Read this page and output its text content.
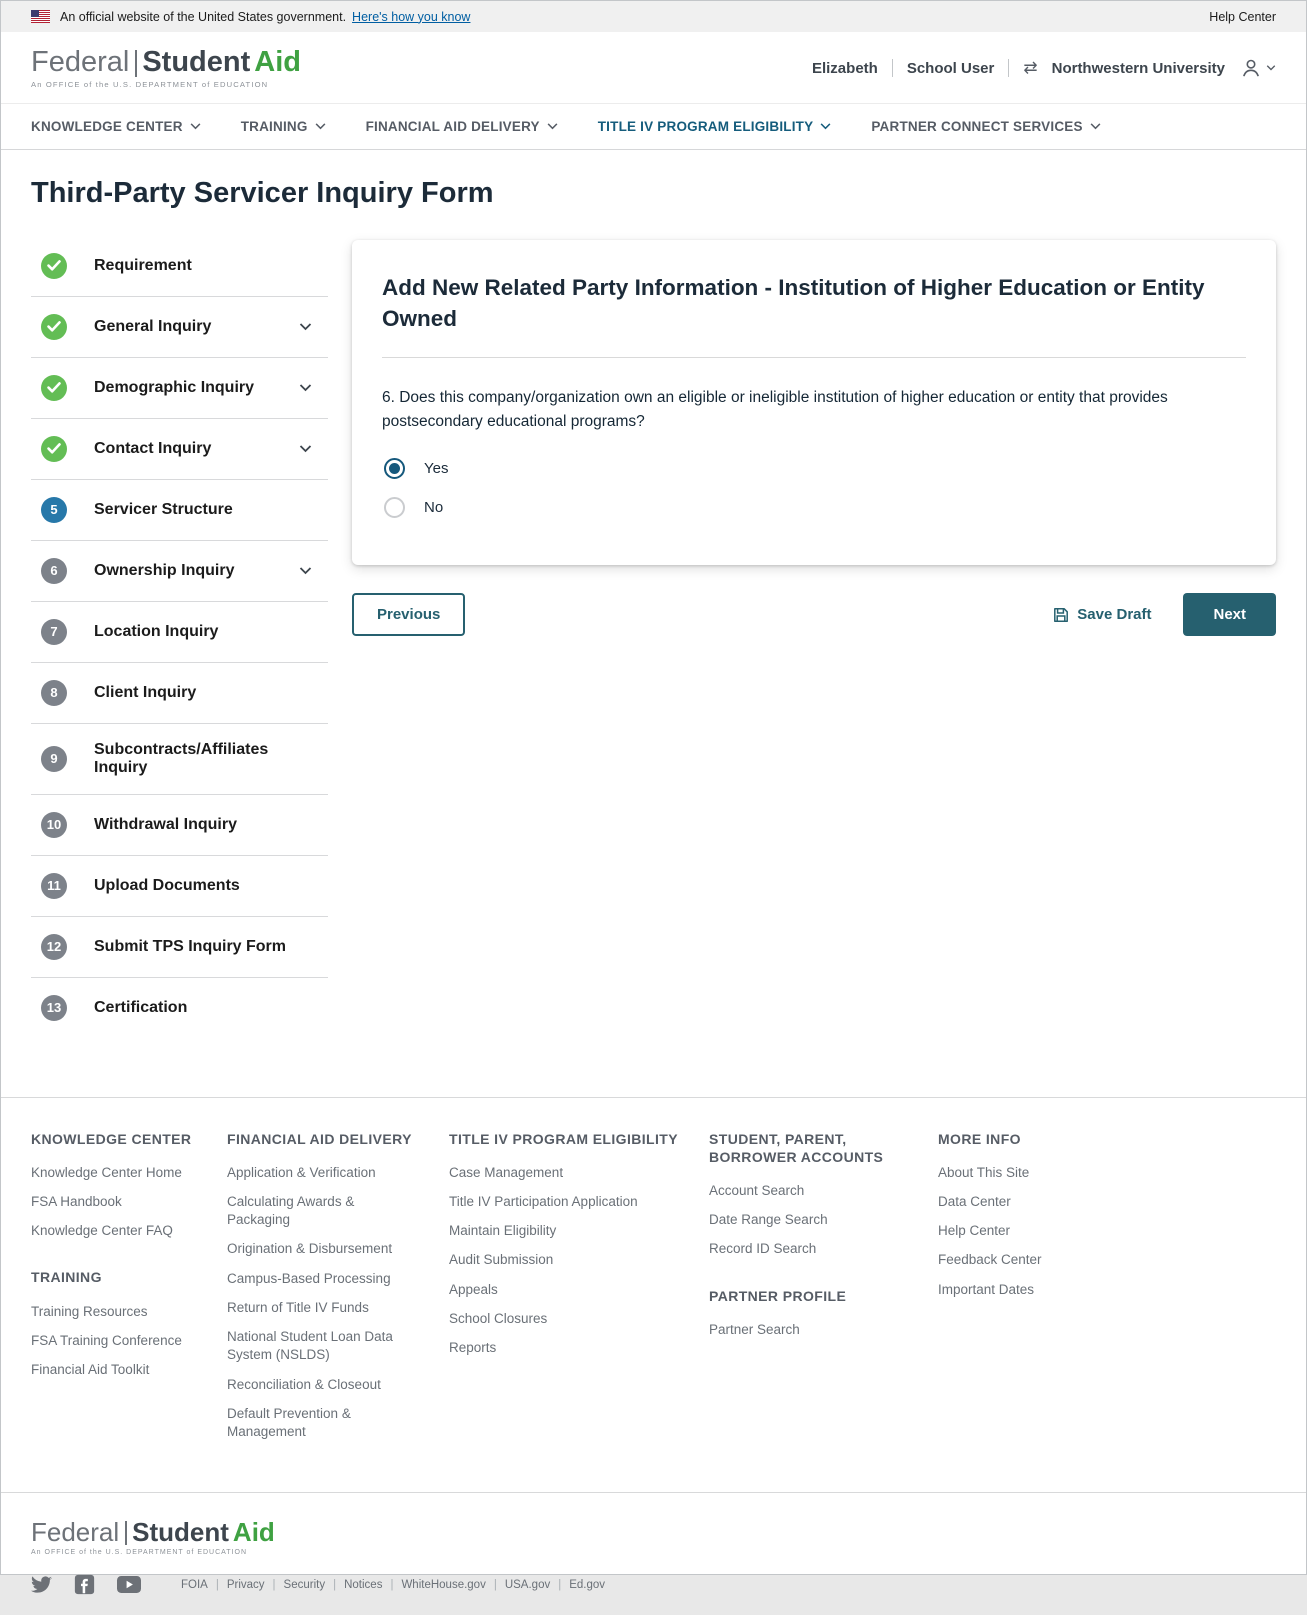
An official website of the United States government. Here's how you know	Help Center
Federal Student Aid
An OFFICE of the U.S. DEPARTMENT of EDUCATION
Elizabeth School User ⇄ Northwestern University
KNOWLEDGE CENTER	TRAINING	FINANCIAL AID DELIVERY	TITLE IV PROGRAM ELIGIBILITY	PARTNER CONNECT SERVICES
Third-Party Servicer Inquiry Form
Requirement
General Inquiry
Demographic Inquiry
Contact Inquiry
5	Servicer Structure
6	Ownership Inquiry
7	Location Inquiry
8	Client Inquiry
9
Subcontracts/Affiliates Inquiry
10	Withdrawal Inquiry
11	Upload Documents
12	Submit TPS Inquiry Form
13	Certification
Add New Related Party Information - Institution of Higher Education or Entity Owned

6. Does this company/organization own an eligible or ineligible institution of higher education or entity that provides postsecondary educational programs?

Yes
No
Previous	Save Draft	Next
KNOWLEDGE CENTER
Knowledge Center Home
FSA Handbook
Knowledge Center FAQ
TRAINING
Training Resources
FSA Training Conference
Financial Aid Toolkit
FINANCIAL AID DELIVERY
Application & Verification
Calculating Awards & Packaging
Origination & Disbursement
Campus-Based Processing
Return of Title IV Funds
National Student Loan Data System (NSLDS)
Reconciliation & Closeout
Default Prevention & Management
TITLE IV PROGRAM ELIGIBILITY
Case Management
Title IV Participation Application
Maintain Eligibility
Audit Submission
Appeals
School Closures
Reports
STUDENT, PARENT, BORROWER ACCOUNTS
Account Search
Date Range Search
Record ID Search
PARTNER PROFILE
Partner Search
MORE INFO
About This Site
Data Center
Help Center
Feedback Center
Important Dates
Federal Student Aid
An OFFICE of the U.S. DEPARTMENT of EDUCATION
FOIA | Privacy | Security | Notices | WhiteHouse.gov | USA.gov | Ed.gov
